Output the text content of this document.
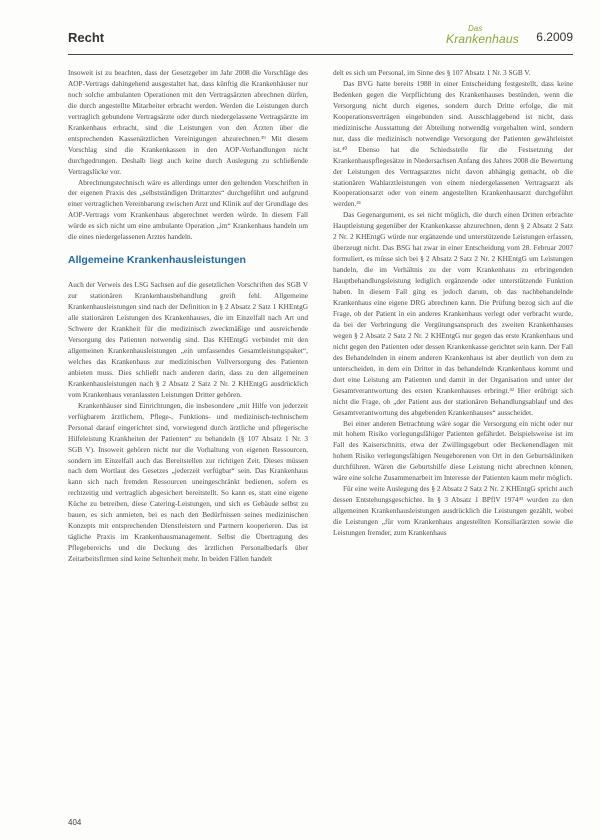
Recht
Das
Krankenhaus 6.2009

Insoweit ist zu beachten, dass der Gesetzgeber im Jahr 2008 die Vorschläge des AOP-Vertrags dahingehend ausgestaltet hat, dass künftig die Krankenhäuser nur noch solche ambulanten Operationen mit den Vertragsärzten abrechnen dürfen, die durch angestellte Mitarbeiter erbracht werden. Werden die Leistungen durch vertraglich gebundene Vertragsärzte oder durch niedergelassene Vertragsärzte im Krankenhaus erbracht, sind die Leistungen von den Ärzten über die entsprechenden Kassenärztlichen Vereinigungen abzurechnen.³⁹ Mit diesem Vorschlag sind die Krankenkassen in den AOP-Verhandlungen nicht durchgedrungen. Deshalb liegt auch keine durch Auslegung zu schließende Vertragslücke vor.

Abrechnungstechnisch wäre es allerdings unter den geltenden Vorschriften in der eigenen Praxis des „selbstständigen Drittarztes“ durchgeführt und aufgrund einer vertraglichen Vereinbarung zwischen Arzt und Klinik auf der Grundlage des AOP-Vertrags vom Krankenhaus abgerechnet werden würde. In diesem Fall würde es sich nicht um eine ambulante Operation „im“ Krankenhaus handeln um die eines niedergelassenen Arztes handeln.

Allgemeine Krankenhausleistungen

Auch der Verweis des LSG Sachsen auf die gesetzlichen Vorschriften des SGB V zur stationären Krankenhausbehandlung greift fehl. Allgemeine Krankenhausleistungen sind nach der Definition in § 2 Absatz 2 Satz 1 KHEntgG alle stationären Leistungen des Krankenhauses, die im Einzelfall nach Art und Schwere der Krankheit für die medizinisch zweckmäßige und ausreichende Versorgung des Patienten notwendig sind. Das KHEntgG verbindet mit den allgemeinen Krankenhausleistungen „ein umfassendes Gesamtleistungspaket“, welches das Krankenhaus zur medizinischen Vollversorgung des Patienten anbieten muss. Dies schließt nach anderen darin, dass zu den allgemeinen Krankenhausleistungen nach § 2 Absatz 2 Satz 2 Nr. 2 KHEntgG ausdrücklich vom Krankenhaus veranlassten Leistungen Dritter gehören.

Krankenhäuser sind Einrichtungen, die insbesondere „mit Hilfe von jederzeit verfügbarem ärztlichem, Pflege-, Funktions- und medizinisch-technischem Personal darauf eingerichtet sind, vorwiegend durch ärztliche und pflegerische Hilfeleistung Krankheiten der Patienten“ zu behandeln (§ 107 Absatz 1 Nr. 3 SGB V). Insoweit gehören nicht nur die Vorhaltung von eigenen Ressourcen, sondern im Einzelfall auch das Bereitstellen zur richtigen Zeit. Dieses müssen nach dem Wortlaut des Gesetzes „jederzeit verfügbar“ sein. Das Krankenhaus kann sich nach fremden Ressourcen uneingeschränkt bedienen, sofern es rechtzeitig und vertraglich abgesichert bereitstellt. So kann es, statt eine eigene Küche zu betreiben, diese Catering-Leistungen, und sich es Gebäude selbst zu bauen, es sich anmieten, bei es nach den Bedürfnissen seines medizinischen Konzepts mit entsprechenden Dienstleistern und Partnern kooperieren. Das ist tägliche Praxis im Krankenhausmanagement. Selbst die Übertragung des Pflegebereichs und die Deckung des ärztlichen Personalbedarfs über Zeitarbeitsfirmen sind keine Seltenheit mehr. In beiden Fällen handelt

delt es sich um Personal, im Sinne des § 107 Absatz 1 Nr. 3 SGB V.

Das BVG hatte bereits 1988 in einer Entscheidung festgestellt, dass keine Bedenken gegen die Verpflichtung des Krankenhauses bestünden, wenn die Versorgung nicht durch eigenes, sondern durch Dritte erfolge, die mit Kooperationsverträgen eingebunden sind. Ausschlaggebend ist nicht, dass medizinische Ausstattung der Abteilung notwendig vorgehalten wird, sondern nur, dass die medizinisch notwendige Versorgung der Patienten gewährleistet ist.⁴⁰ Ebenso hat die Schiedsstelle für die Festsetzung der Krankenhauspflegesätze in Niedersachsen Anfang des Jahres 2008 die Bewertung der Leistungen des Vertragsarztes nicht davon abhängig gemacht, ob die stationären Wahlarztleistungen von einem niedergelassenen Vertragsarzt als Kooperationsarzt oder von einem angestellten Krankenhausarzt durchgeführt werden.⁴¹

Das Gegenargument, es sei nicht möglich, die durch einen Dritten erbrachte Hauptleistung gegenüber der Krankenkasse abzurechnen, denn § 2 Absatz 2 Satz 2 Nr. 2 KHEntgG würde nur ergänzende und unterstützende Leistungen erfassen, überzeugt nicht. Das BSG hat zwar in einer Entscheidung vom 28. Februar 2007 formuliert, es müsse sich bei § 2 Absatz 2 Satz 2 Nr. 2 KHEntgG um Leistungen handeln, die im Verhältnis zu der vom Krankenhaus zu erbringenden Hauptbehandlungsleistung lediglich ergänzende oder unterstützende Funktion haben. In diesem Fall ging es jedoch darum, ob das nachbehandelnde Krankenhaus eine eigene DRG abrechnen kann. Die Prüfung bezog sich auf die Frage, ob der Patient in ein anderes Krankenhaus verlegt oder verbracht wurde, da bei der Verbringung die Vergütungsanspruch des zweiten Krankenhauses wegen § 2 Absatz 2 Satz 2 Nr. 2 KHEntgG nur gegen das erste Krankenhaus und nicht gegen den Patienten oder dessen Krankenkasse gerichtet sein kann. Der Fall des Behandelnden in einem anderen Krankenhaus ist aber deutlich von dem zu unterscheiden, in dem ein Dritter in das behandelnde Krankenhaus kommt und dort eine Leistung am Patienten und damit in der Organisation und unter der Gesamtverantwortung des ersten Krankenhauses erbringt.⁴² Hier erübrigt sich nicht die Frage, ob „der Patient aus der stationären Behandlungsablauf und des Gesamtverantwortung des abgebenden Krankenhauses“ ausscheidet.

Bei einer anderen Betrachtung wäre sogar die Versorgung ein nicht oder nur mit hohem Risiko vorlegungsfähiger Patienten gefährdet. Beispielsweise ist im Fall des Kaiserschnitts, etwa der Zwillingsgeburt oder Beckenendlagen mit hohem Risiko verlegungsfähigen Neugeborenen von Ort in den Geburtskliniken durchführen. Wären die Geburtshilfe diese Leistung nicht abrechnen können, wäre eine solche Zusammenarbeit im Interesse der Patienten kaum mehr möglich.

Für eine weite Auslegung des § 2 Absatz 2 Satz 2 Nr. 2 KHEntgG spricht auch dessen Entstehungsgeschichte. In § 3 Absatz 1 BPflV 1974⁴³ wurden zu den allgemeinen Krankenhausleistungen ausdrücklich die Leistungen gezählt, wobei die Leistungen „für vom Krankenhaus angestellten Konsiliarärzten sowie die Leistungen fremder, zum Krankenhaus

404
